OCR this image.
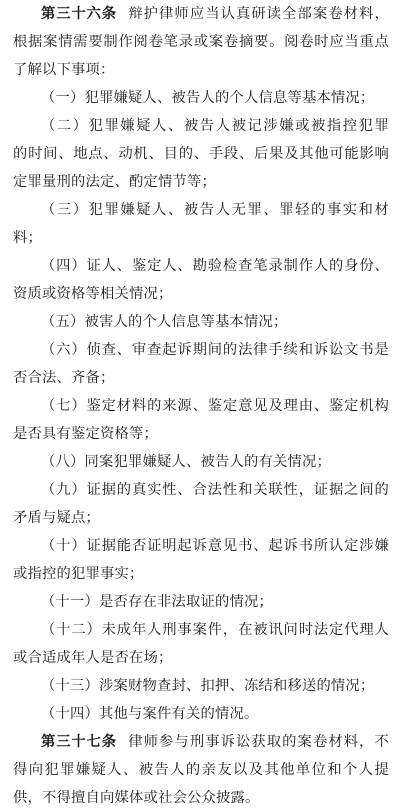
第三十六条 辩护律师应当认真研读全部案卷材料，
根据案情需要制作阅卷笔录或案卷摘要。阅卷时应当重点
了解以下事项：
（一）犯罪嫌疑人、被告人的个人信息等基本情况；
（二）犯罪嫌疑人、被告人被记涉嫌或被指控犯罪
的时间、地点、动机、目的、手段、后果及其他可能影响
定罪量刑的法定、酌定情节等；
（三）犯罪嫌疑人、被告人无罪、罪轻的事实和材
料；
（四）证人、鉴定人、勘验检查笔录制作人的身份、
资质或资格等相关情况；
（五）被害人的个人信息等基本情况；
（六）侦查、审查起诉期间的法律手续和诉讼文书是
否合法、齐备；
（七）鉴定材料的来源、鉴定意见及理由、鉴定机构
是否具有鉴定资格等；
（八）同案犯罪嫌疑人、被告人的有关情况；
（九）证据的真实性、合法性和关联性，证据之间的
矛盾与疑点；
（十）证据能否证明起诉意见书、起诉书所认定涉嫌
或指控的犯罪事实；
（十一）是否存在非法取证的情况；
（十二）未成年人刑事案件，在被讯问时法定代理人
或合适成年人是否在场；
（十三）涉案财物查封、扣押、冻结和移送的情况；
（十四）其他与案件有关的情况。
第三十七条 律师参与刑事诉讼获取的案卷材料，不
得向犯罪嫌疑人、被告人的亲友以及其他单位和个人提
供，不得擅自向媒体或社会公众披露。
